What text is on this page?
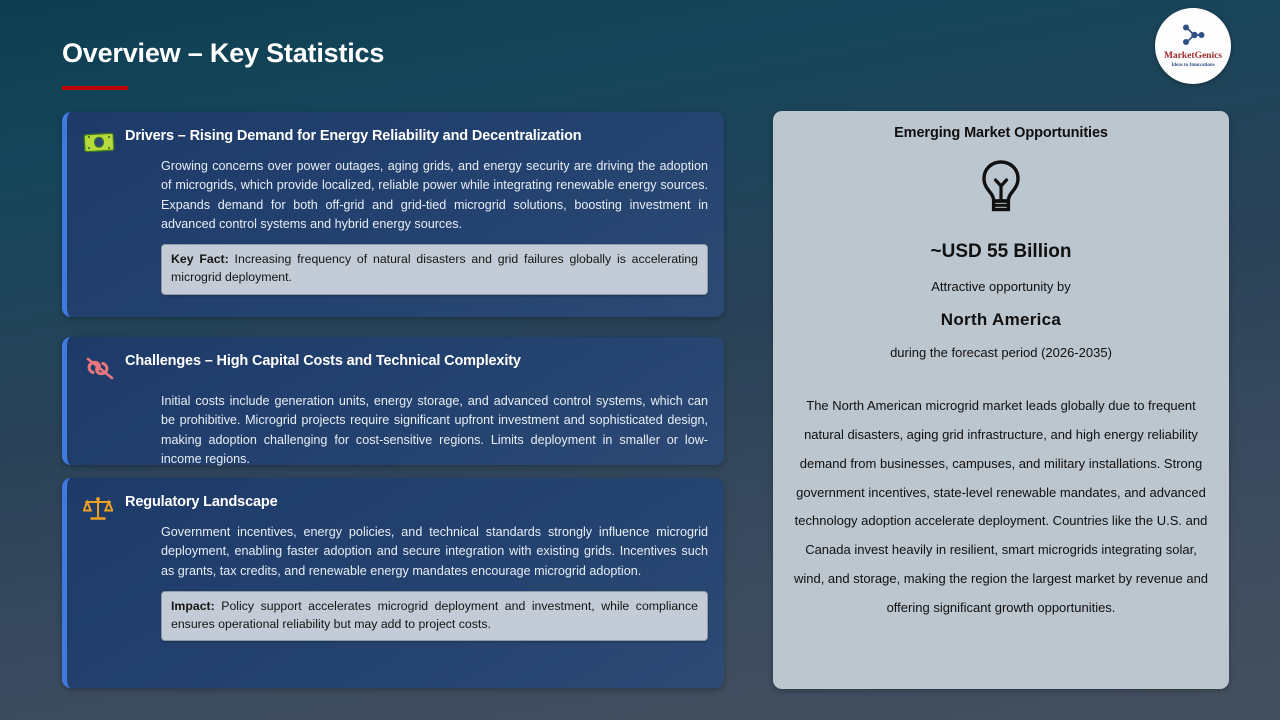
Overview – Key Statistics	MarketGenics
Ideas to Innovations
Drivers – Rising Demand for Energy Reliability and Decentralization
Growing concerns over power outages, aging grids, and energy security are driving the adoption of microgrids, which provide localized, reliable power while integrating renewable energy sources. Expands demand for both off-grid and grid-tied microgrid solutions, boosting investment in advanced control systems and hybrid energy sources.
Key Fact: Increasing frequency of natural disasters and grid failures globally is accelerating microgrid deployment.
Challenges – High Capital Costs and Technical Complexity
Initial costs include generation units, energy storage, and advanced control systems, which can be prohibitive. Microgrid projects require significant upfront investment and sophisticated design, making adoption challenging for cost-sensitive regions. Limits deployment in smaller or low-income regions.
Regulatory Landscape
Government incentives, energy policies, and technical standards strongly influence microgrid deployment, enabling faster adoption and secure integration with existing grids. Incentives such as grants, tax credits, and renewable energy mandates encourage microgrid adoption.
Impact: Policy support accelerates microgrid deployment and investment, while compliance ensures operational reliability but may add to project costs.
Emerging Market Opportunities
~USD 55 Billion
Attractive opportunity by
North America
during the forecast period (2026-2035)
The North American microgrid market leads globally due to frequent natural disasters, aging grid infrastructure, and high energy reliability demand from businesses, campuses, and military installations. Strong government incentives, state-level renewable mandates, and advanced technology adoption accelerate deployment. Countries like the U.S. and Canada invest heavily in resilient, smart microgrids integrating solar, wind, and storage, making the region the largest market by revenue and offering significant growth opportunities.
